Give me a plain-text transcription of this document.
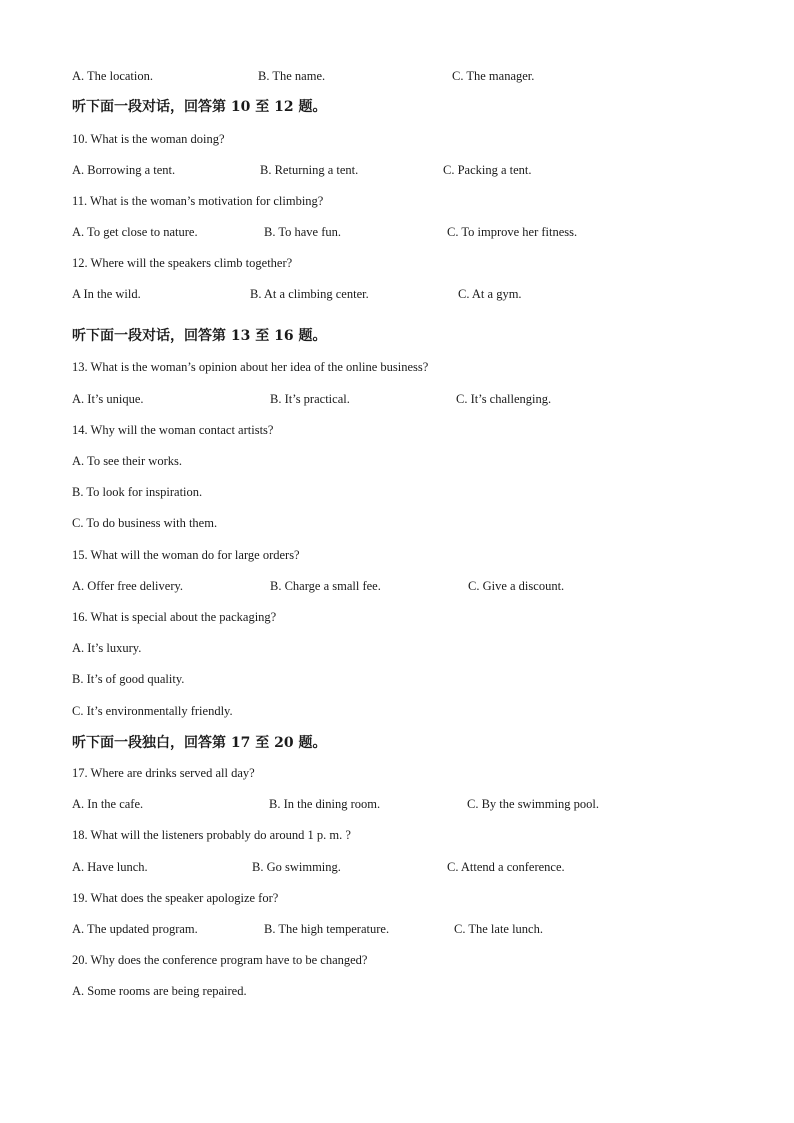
A. The location.	B. The name.	C. The manager.
听下面一段对话，回答第 10 至 12 题。
10. What is the woman doing?
A. Borrowing a tent.	B. Returning a tent.	C. Packing a tent.
11. What is the woman’s motivation for climbing?
A. To get close to nature.	B. To have fun.	C. To improve her fitness.
12. Where will the speakers climb together?
A In the wild.	B. At a climbing center.	C. At a gym.
听下面一段对话，回答第 13 至 16 题。
13. What is the woman’s opinion about her idea of the online business?
A. It’s unique.	B. It’s practical.	C. It’s challenging.
14. Why will the woman contact artists?
A. To see their works.
B. To look for inspiration.
C. To do business with them.
15. What will the woman do for large orders?
A. Offer free delivery.	B. Charge a small fee.	C. Give a discount.
16. What is special about the packaging?
A. It’s luxury.
B. It’s of good quality.
C. It’s environmentally friendly.
听下面一段独白，回答第 17 至 20 题。
17. Where are drinks served all day?
A. In the cafe.	B. In the dining room.	C. By the swimming pool.
18. What will the listeners probably do around 1 p. m. ?
A. Have lunch.	B. Go swimming.	C. Attend a conference.
19. What does the speaker apologize for?
A. The updated program.	B. The high temperature.	C. The late lunch.
20. Why does the conference program have to be changed?
A. Some rooms are being repaired.
